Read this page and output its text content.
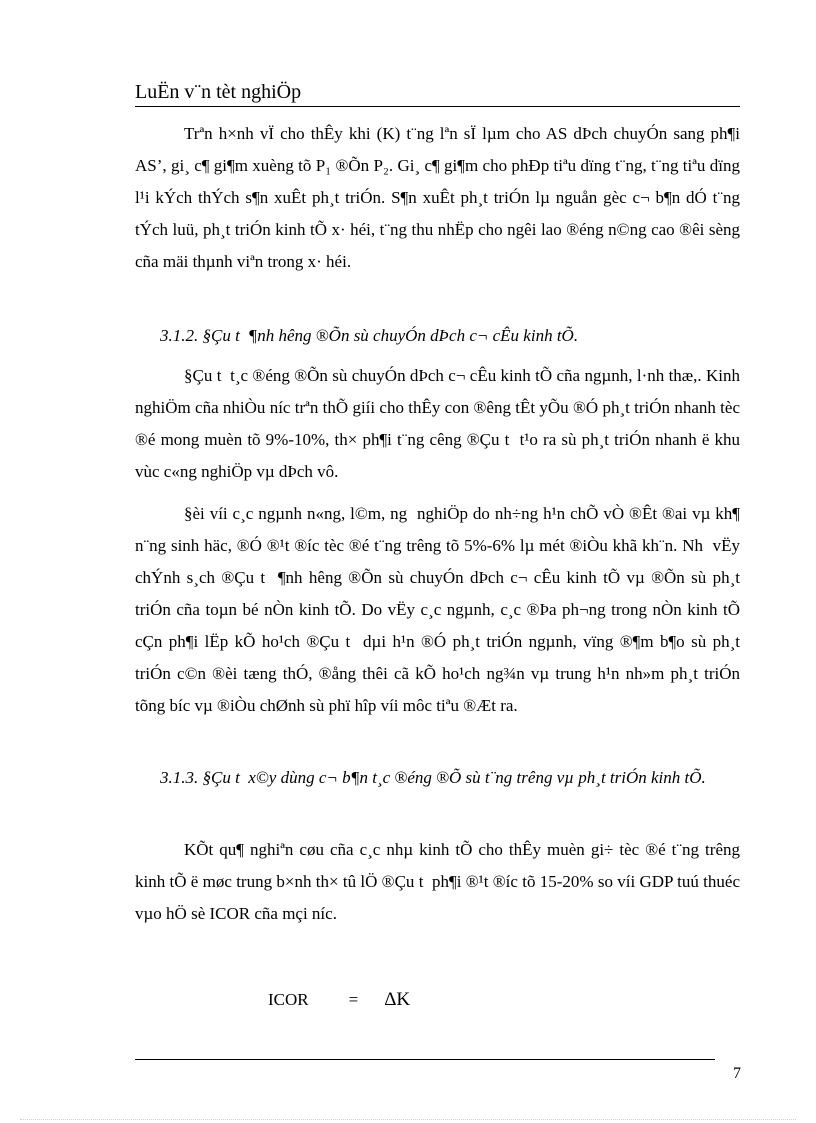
LuËn v¨n tèt nghiÖp

Trªn h×nh vÏ cho thÊy khi (K) t¨ng lªn sÏ lµm cho AS dÞch chuyÓn sang ph¶i AS’, gi¸ c¶ gi¶m xuèng tõ P₁ ®Õn P₂. Gi¸ c¶ gi¶m cho phÐp tiªu dïng t¨ng, t¨ng tiªu dïng l¹i kÝch thÝch s¶n xuÊt ph¸t triÓn. S¶n xuÊt ph¸t triÓn lµ nguån gèc c¬ b¶n dÓ t¨ng tÝch luü, ph¸t triÓn kinh tÕ x· héi, t¨ng thu nhËp cho ngêi lao ®éng n©ng cao ®êi sèng cña mäi thµnh viªn trong x· héi.

3.1.2. §Çu t  ¶nh hêng ®Õn sù chuyÓn dÞch c¬ cÊu kinh tÕ.

§Çu t  t¸c ®éng ®Õn sù chuyÓn dÞch c¬ cÊu kinh tÕ cña ngµnh, l·nh thæ,. Kinh nghiÖm cña nhiÒu níc trªn thÕ giíi cho thÊy con ®êng tÊt yÕu ®Ó ph¸t triÓn nhanh tèc ®é mong muèn tõ 9%-10%, th× ph¶i t¨ng cêng ®Çu t  t¹o ra sù ph¸t triÓn nhanh ë khu vùc c«ng nghiÖp vµ dÞch vô.

§èi víi c¸c ngµnh n«ng, l©m, ng  nghiÖp do nh÷ng h¹n chÕ vÒ ®Êt ®ai vµ kh¶ n¨ng sinh häc, ®Ó ®¹t ®íc tèc ®é t¨ng trêng tõ 5%-6% lµ mét ®iÒu khã kh¨n. Nh  vËy chÝnh s¸ch ®Çu t  ¶nh hêng ®Õn sù chuyÓn dÞch c¬ cÊu kinh tÕ vµ ®Õn sù ph¸t triÓn cña toµn bé nÒn kinh tÕ. Do vËy c¸c ngµnh, c¸c ®Þa ph¬ng trong nÒn kinh tÕ cÇn ph¶i lËp kÕ ho¹ch ®Çu t  dµi h¹n ®Ó ph¸t triÓn ngµnh, vïng ®¶m b¶o sù ph¸t triÓn c©n ®èi tæng thÓ, ®ång thêi cã kÕ ho¹ch ng¾n vµ trung h¹n nh»m ph¸t triÓn tõng bíc vµ ®iÒu chØnh sù phï hîp víi môc tiªu ®Æt ra.

3.1.3. §Çu t  x©y dùng c¬ b¶n t¸c ®éng ®Õ sù t¨ng trêng vµ ph¸t triÓn kinh tÕ.

KÕt qu¶ nghiªn cøu cña c¸c nhµ kinh tÕ cho thÊy muèn gi÷ tèc ®é t¨ng trêng kinh tÕ ë møc trung b×nh th× tû lÖ ®Çu t  ph¶i ®¹t ®íc tõ 15-20% so víi GDP tuú thuéc vµo hÖ sè ICOR cña mçi níc.

ICOR = ΔK
7
